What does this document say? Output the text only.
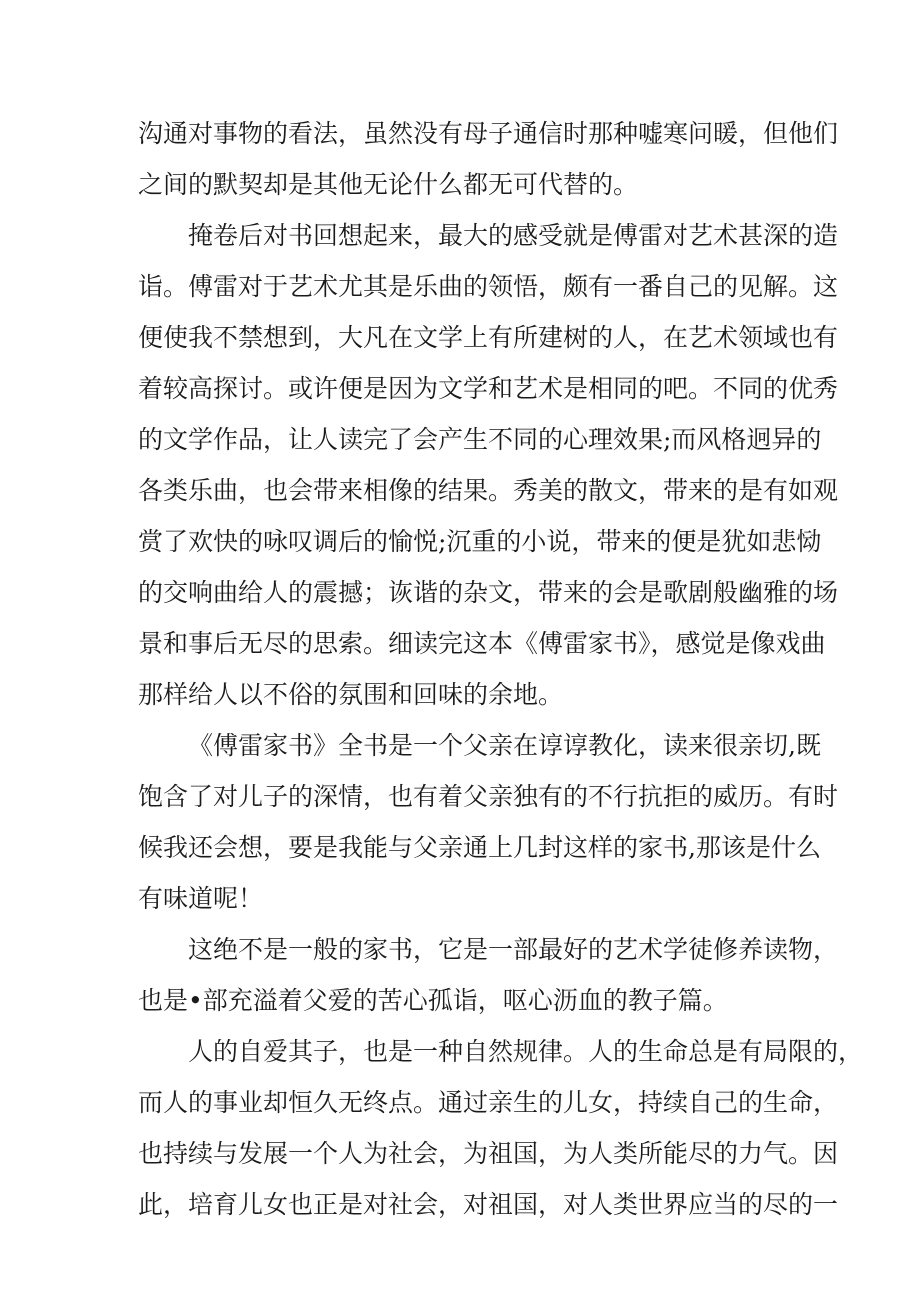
沟通对事物的看法，虽然没有母子通信时那种嘘寒问暖，但他们
之间的默契却是其他无论什么都无可代替的。
掩卷后对书回想起来，最大的感受就是傅雷对艺术甚深的造
诣。傅雷对于艺术尤其是乐曲的领悟，颇有一番自己的见解。这
便使我不禁想到，大凡在文学上有所建树的人，在艺术领域也有
着较高探讨。或许便是因为文学和艺术是相同的吧。不同的优秀
的文学作品，让人读完了会产生不同的心理效果;而风格迥异的
各类乐曲，也会带来相像的结果。秀美的散文，带来的是有如观
赏了欢快的咏叹调后的愉悦;沉重的小说，带来的便是犹如悲恸
的交响曲给人的震撼；诙谐的杂文，带来的会是歌剧般幽雅的场
景和事后无尽的思索。细读完这本《傅雷家书》，感觉是像戏曲
那样给人以不俗的氛围和回味的余地。
《傅雷家书》全书是一个父亲在谆谆教化，读来很亲切,既
饱含了对儿子的深情，也有着父亲独有的不行抗拒的威历。有时
候我还会想，要是我能与父亲通上几封这样的家书,那该是什么
有味道呢！
这绝不是一般的家书，它是一部最好的艺术学徒修养读物，
也是•部充溢着父爱的苦心孤诣，呕心沥血的教子篇。
人的自爱其子，也是一种自然规律。人的生命总是有局限的，
而人的事业却恒久无终点。通过亲生的儿女，持续自己的生命，
也持续与发展一个人为社会，为祖国，为人类所能尽的力气。因
此，培育儿女也正是对社会，对祖国，对人类世界应当的尽的一
